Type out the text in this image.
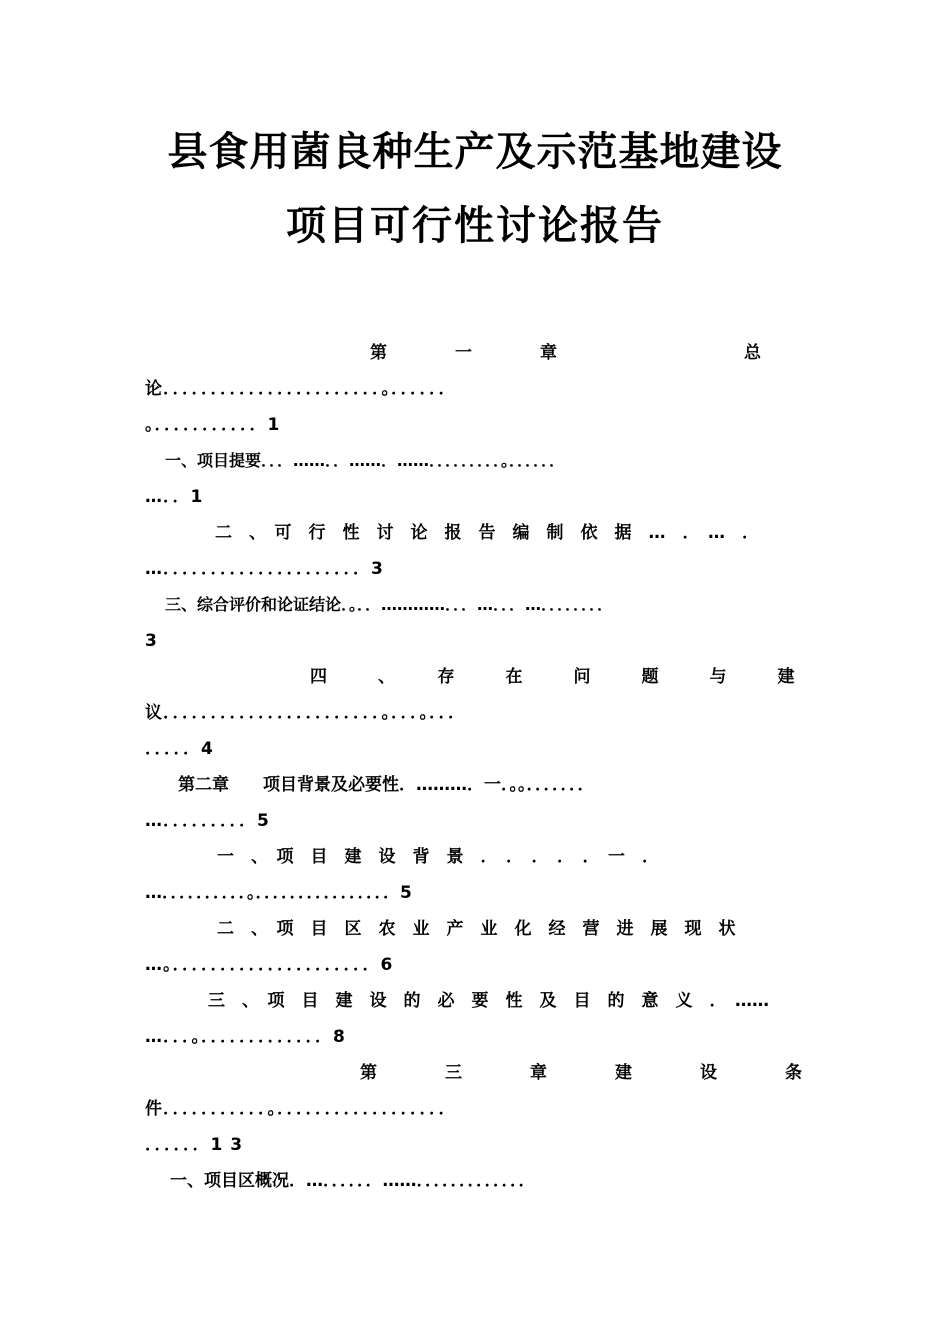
县食用菌良种生产及示范基地建设
项目可行性讨论报告
第　　　　一　　　　章　　　　　　　　　　　总
论．．．．．．．．．．．．．．．．．．．．．．．。．．．．．．
。．．．．．．．．．．．1
一、项目提要．．．……．．……．……．．．．．．．．．。．．．．．．
…．．1
二　、　可　行　性　讨　论　报　告　编　制　依　据　…　．　…　．
…．．．．．．．．．．．．．．．．．．．．．3
三、综合评价和论证结论．。．．…………．．．…．．．…．．．．．．．．
3
四　　　、　　　存　　　在　　　问　　　题　　　与　　　建
议．．．．．．．．．．．．．．．．．．．．．．．。．．．。．．．
．．．．．4
第二章　　项目背景及必要性．………．一．。。．．．．．．．
…．．．．．．．．．5
一　、　项　目　建　设　背　景　．　．　．　．　．　一　．
…．．．．．．．．．．。．．．．．．．．．．．．．．．．5
二　、　项　目　区　农　业　产　业　化　经　营　进　展　现　状
…。．．．．．．．．．．．．．．．．．．．．．6
三　、　项　目　建　设　的　必　要　性　及　目　的　意　义　．　……
…．．．。．．．．．．．．．．．．．8
第　　　　三　　　　章　　　　建　　　　设　　　　条
件．．．．．．．．．．．。．．．．．．．．．．．．．．．．．．
．．．．．．1 3
一、项目区概况．…．．．．．．……．．．．．．．．．．．．．
